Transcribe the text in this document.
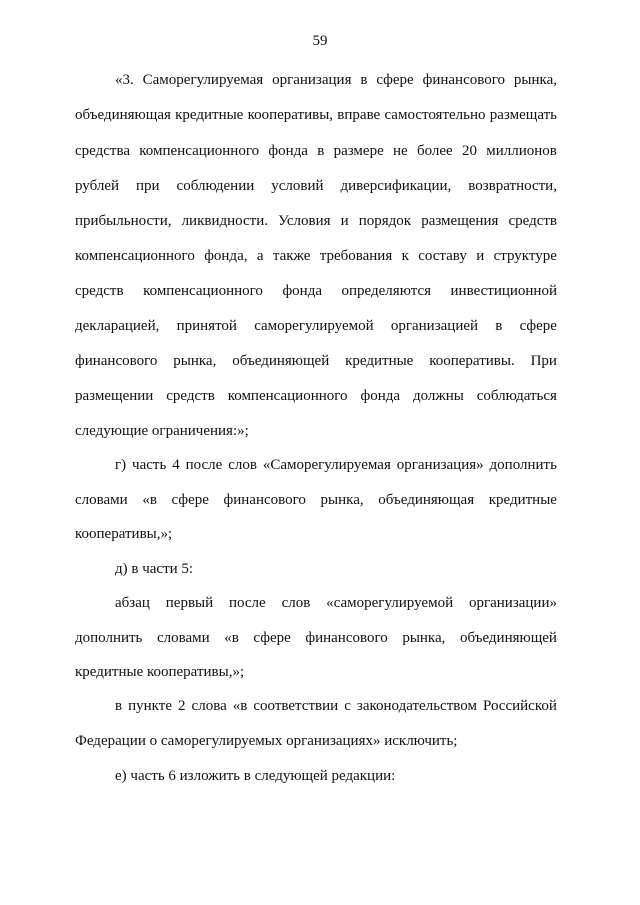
59
«3. Саморегулируемая организация в сфере финансового рынка,
объединяющая кредитные кооперативы, вправе самостоятельно размещать
средства компенсационного фонда в размере не более 20 миллионов
рублей при соблюдении условий диверсификации, возвратности,
прибыльности, ликвидности. Условия и порядок размещения средств
компенсационного фонда, а также требования к составу и структуре
средств компенсационного фонда определяются инвестиционной
декларацией, принятой саморегулируемой организацией в сфере
финансового рынка, объединяющей кредитные кооперативы. При
размещении средств компенсационного фонда должны соблюдаться
следующие ограничения:»;
г) часть 4 после слов «Саморегулируемая организация» дополнить
словами «в сфере финансового рынка, объединяющая кредитные
кооперативы,»;
д) в части 5:
абзац первый после слов «саморегулируемой организации»
дополнить словами «в сфере финансового рынка, объединяющей
кредитные кооперативы,»;
в пункте 2 слова «в соответствии с законодательством Российской
Федерации о саморегулируемых организациях» исключить;
е) часть 6 изложить в следующей редакции:
